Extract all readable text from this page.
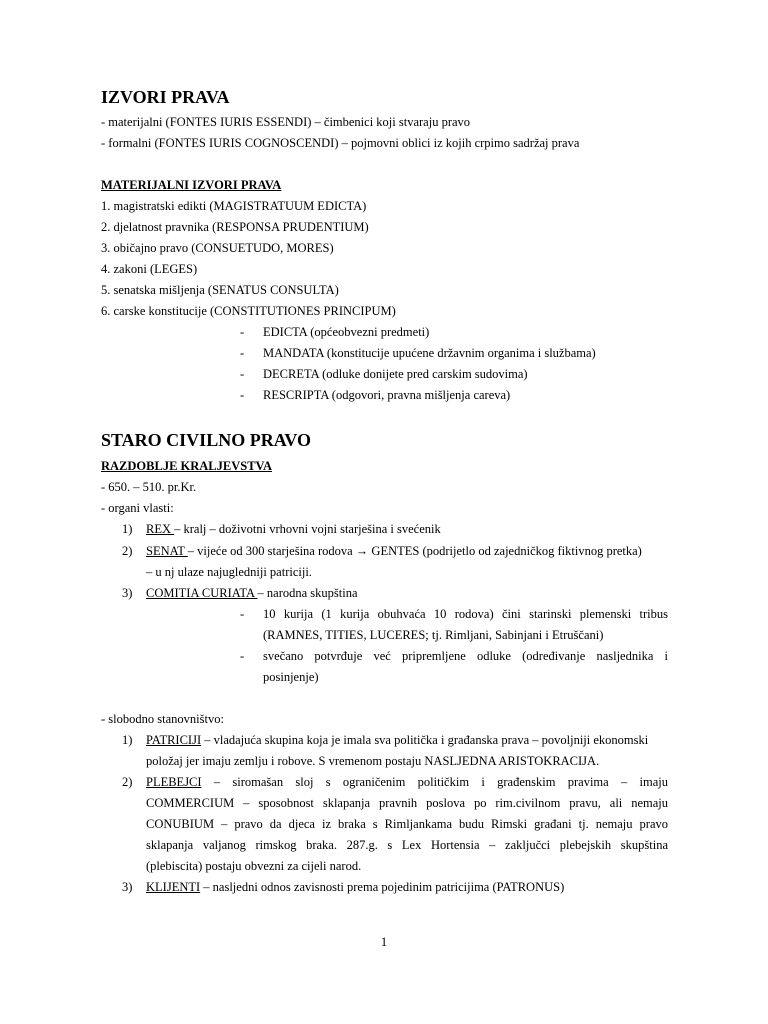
IZVORI PRAVA
- materijalni (FONTES IURIS ESSENDI) – čimbenici koji stvaraju pravo
- formalni (FONTES IURIS COGNOSCENDI) – pojmovni oblici iz kojih crpimo sadržaj prava
MATERIJALNI IZVORI PRAVA
1. magistratski edikti (MAGISTRATUUM EDICTA)
2. djelatnost pravnika (RESPONSA PRUDENTIUM)
3. običajno pravo (CONSUETUDO, MORES)
4. zakoni (LEGES)
5. senatska mišljenja (SENATUS CONSULTA)
6. carske konstitucije (CONSTITUTIONES PRINCIPUM)
- EDICTA (općeobvezni predmeti)
- MANDATA (konstitucije upućene državnim organima i službama)
- DECRETA (odluke donijete pred carskim sudovima)
- RESCRIPTA (odgovori, pravna mišljenja careva)
STARO CIVILNO PRAVO
RAZDOBLJE KRALJEVSTVA
- 650. – 510. pr.Kr.
- organi vlasti:
1) REX – kralj – doživotni vrhovni vojni starješina i svećenik
2) SENAT – vijeće od 300 starješina rodova → GENTES (podrijetlo od zajedničkog fiktivnog pretka)
– u nj ulaze najugledniji patriciji.
3) COMITIA CURIATA – narodna skupština
- 10 kurija (1 kurija obuhvaća 10 rodova) čini starinski plemenski tribus
(RAMNES, TITIES, LUCERES; tj. Rimljani, Sabinjani i Etruščani)
- svečano potvrđuje već pripremljene odluke (određivanje nasljednika i
posinjenje)
- slobodno stanovništvo:
1) PATRICIJI – vladajuća skupina koja je imala sva politička i građanska prava – povoljniji ekonomski
položaj jer imaju zemlju i robove. S vremenom postaju NASLJEDNA ARISTOKRACIJA.
2) PLEBEJCI – siromašan sloj s ograničenim političkim i građenskim pravima – imaju
COMMERCIUM – sposobnost sklapanja pravnih poslova po rim.civilnom pravu, ali nemaju
CONUBIUM – pravo da djeca iz braka s Rimljankama budu Rimski građani tj. nemaju pravo
sklapanja valjanog rimskog braka. 287.g. s Lex Hortensia – zaključci plebejskih skupština
(plebiscita) postaju obvezni za cijeli narod.
3) KLIJENTI – nasljedni odnos zavisnosti prema pojedinim patricijima (PATRONUS)
1
